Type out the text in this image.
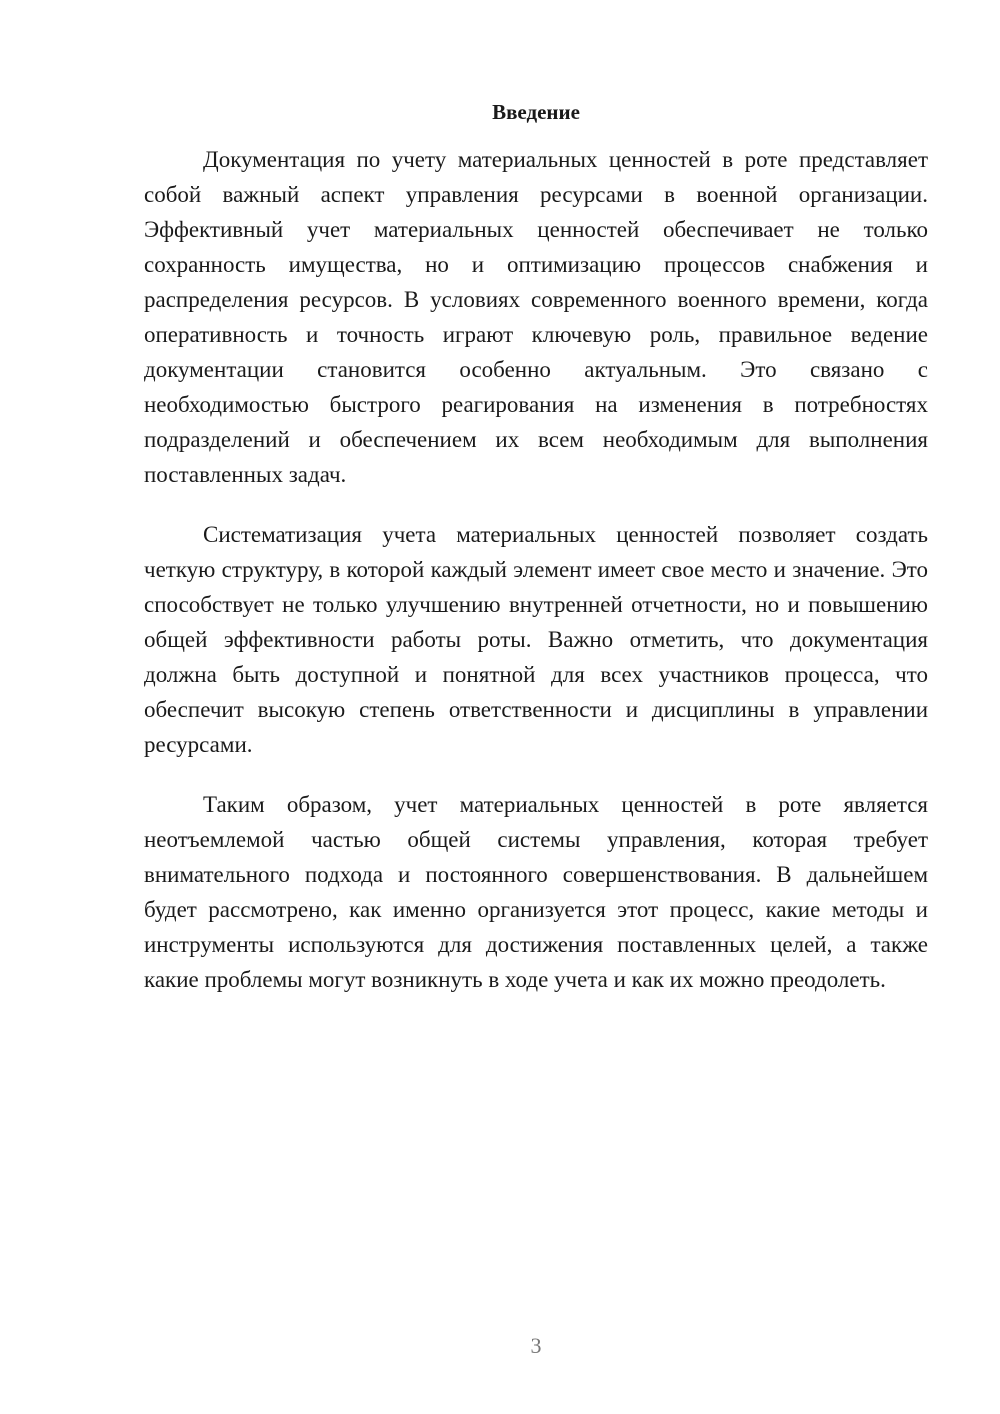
Введение

Документация по учету материальных ценностей в роте представляет собой важный аспект управления ресурсами в военной организации. Эффективный учет материальных ценностей обеспечивает не только сохранность имущества, но и оптимизацию процессов снабжения и распределения ресурсов. В условиях современного военного времени, когда оперативность и точность играют ключевую роль, правильное ведение документации становится особенно актуальным. Это связано с необходимостью быстрого реагирования на изменения в потребностях подразделений и обеспечением их всем необходимым для выполнения поставленных задач.

Систематизация учета материальных ценностей позволяет создать четкую структуру, в которой каждый элемент имеет свое место и значение. Это способствует не только улучшению внутренней отчетности, но и повышению общей эффективности работы роты. Важно отметить, что документация должна быть доступной и понятной для всех участников процесса, что обеспечит высокую степень ответственности и дисциплины в управлении ресурсами.

Таким образом, учет материальных ценностей в роте является неотъемлемой частью общей системы управления, которая требует внимательного подхода и постоянного совершенствования. В дальнейшем будет рассмотрено, как именно организуется этот процесс, какие методы и инструменты используются для достижения поставленных целей, а также какие проблемы могут возникнуть в ходе учета и как их можно преодолеть.

3
